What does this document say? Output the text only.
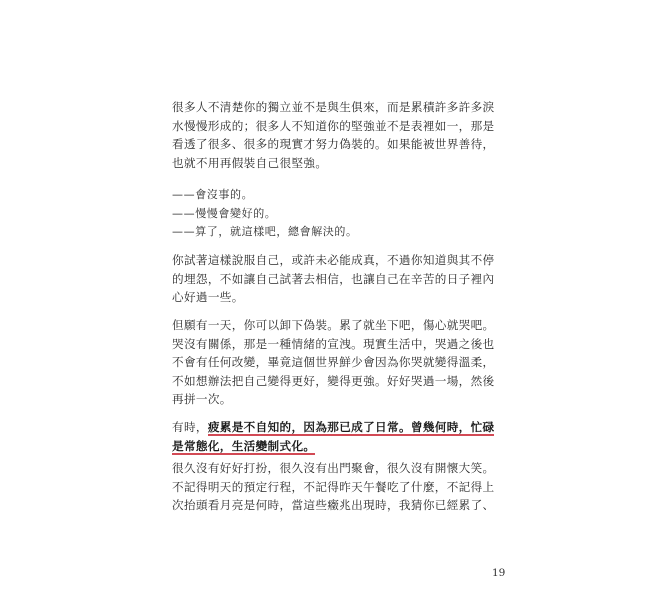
很多人不清楚你的獨立並不是與生俱來，而是累積許多許多淚
水慢慢形成的；很多人不知道你的堅強並不是表裡如一，那是
看透了很多、很多的現實才努力偽裝的。如果能被世界善待，
也就不用再假裝自己很堅強。
——會沒事的。
——慢慢會變好的。
——算了，就這樣吧，總會解決的。
你試著這樣說服自己，或許未必能成真，不過你知道與其不停
的埋怨，不如讓自己試著去相信，也讓自己在辛苦的日子裡內
心好過一些。
但願有一天，你可以卸下偽裝。累了就坐下吧，傷心就哭吧。
哭沒有關係，那是一種情緒的宣洩。現實生活中，哭過之後也
不會有任何改變，畢竟這個世界鮮少會因為你哭就變得溫柔，
不如想辦法把自己變得更好，變得更強。好好哭過一場，然後
再拼一次。
有時，疲累是不自知的，因為那已成了日常。曾幾何時，忙碌
是常態化，生活變制式化。
很久沒有好好打扮，很久沒有出門聚會，很久沒有開懷大笑。
不記得明天的預定行程，不記得昨天午餐吃了什麼，不記得上
次抬頭看月亮是何時，當這些癥兆出現時，我猜你已經累了、
19
